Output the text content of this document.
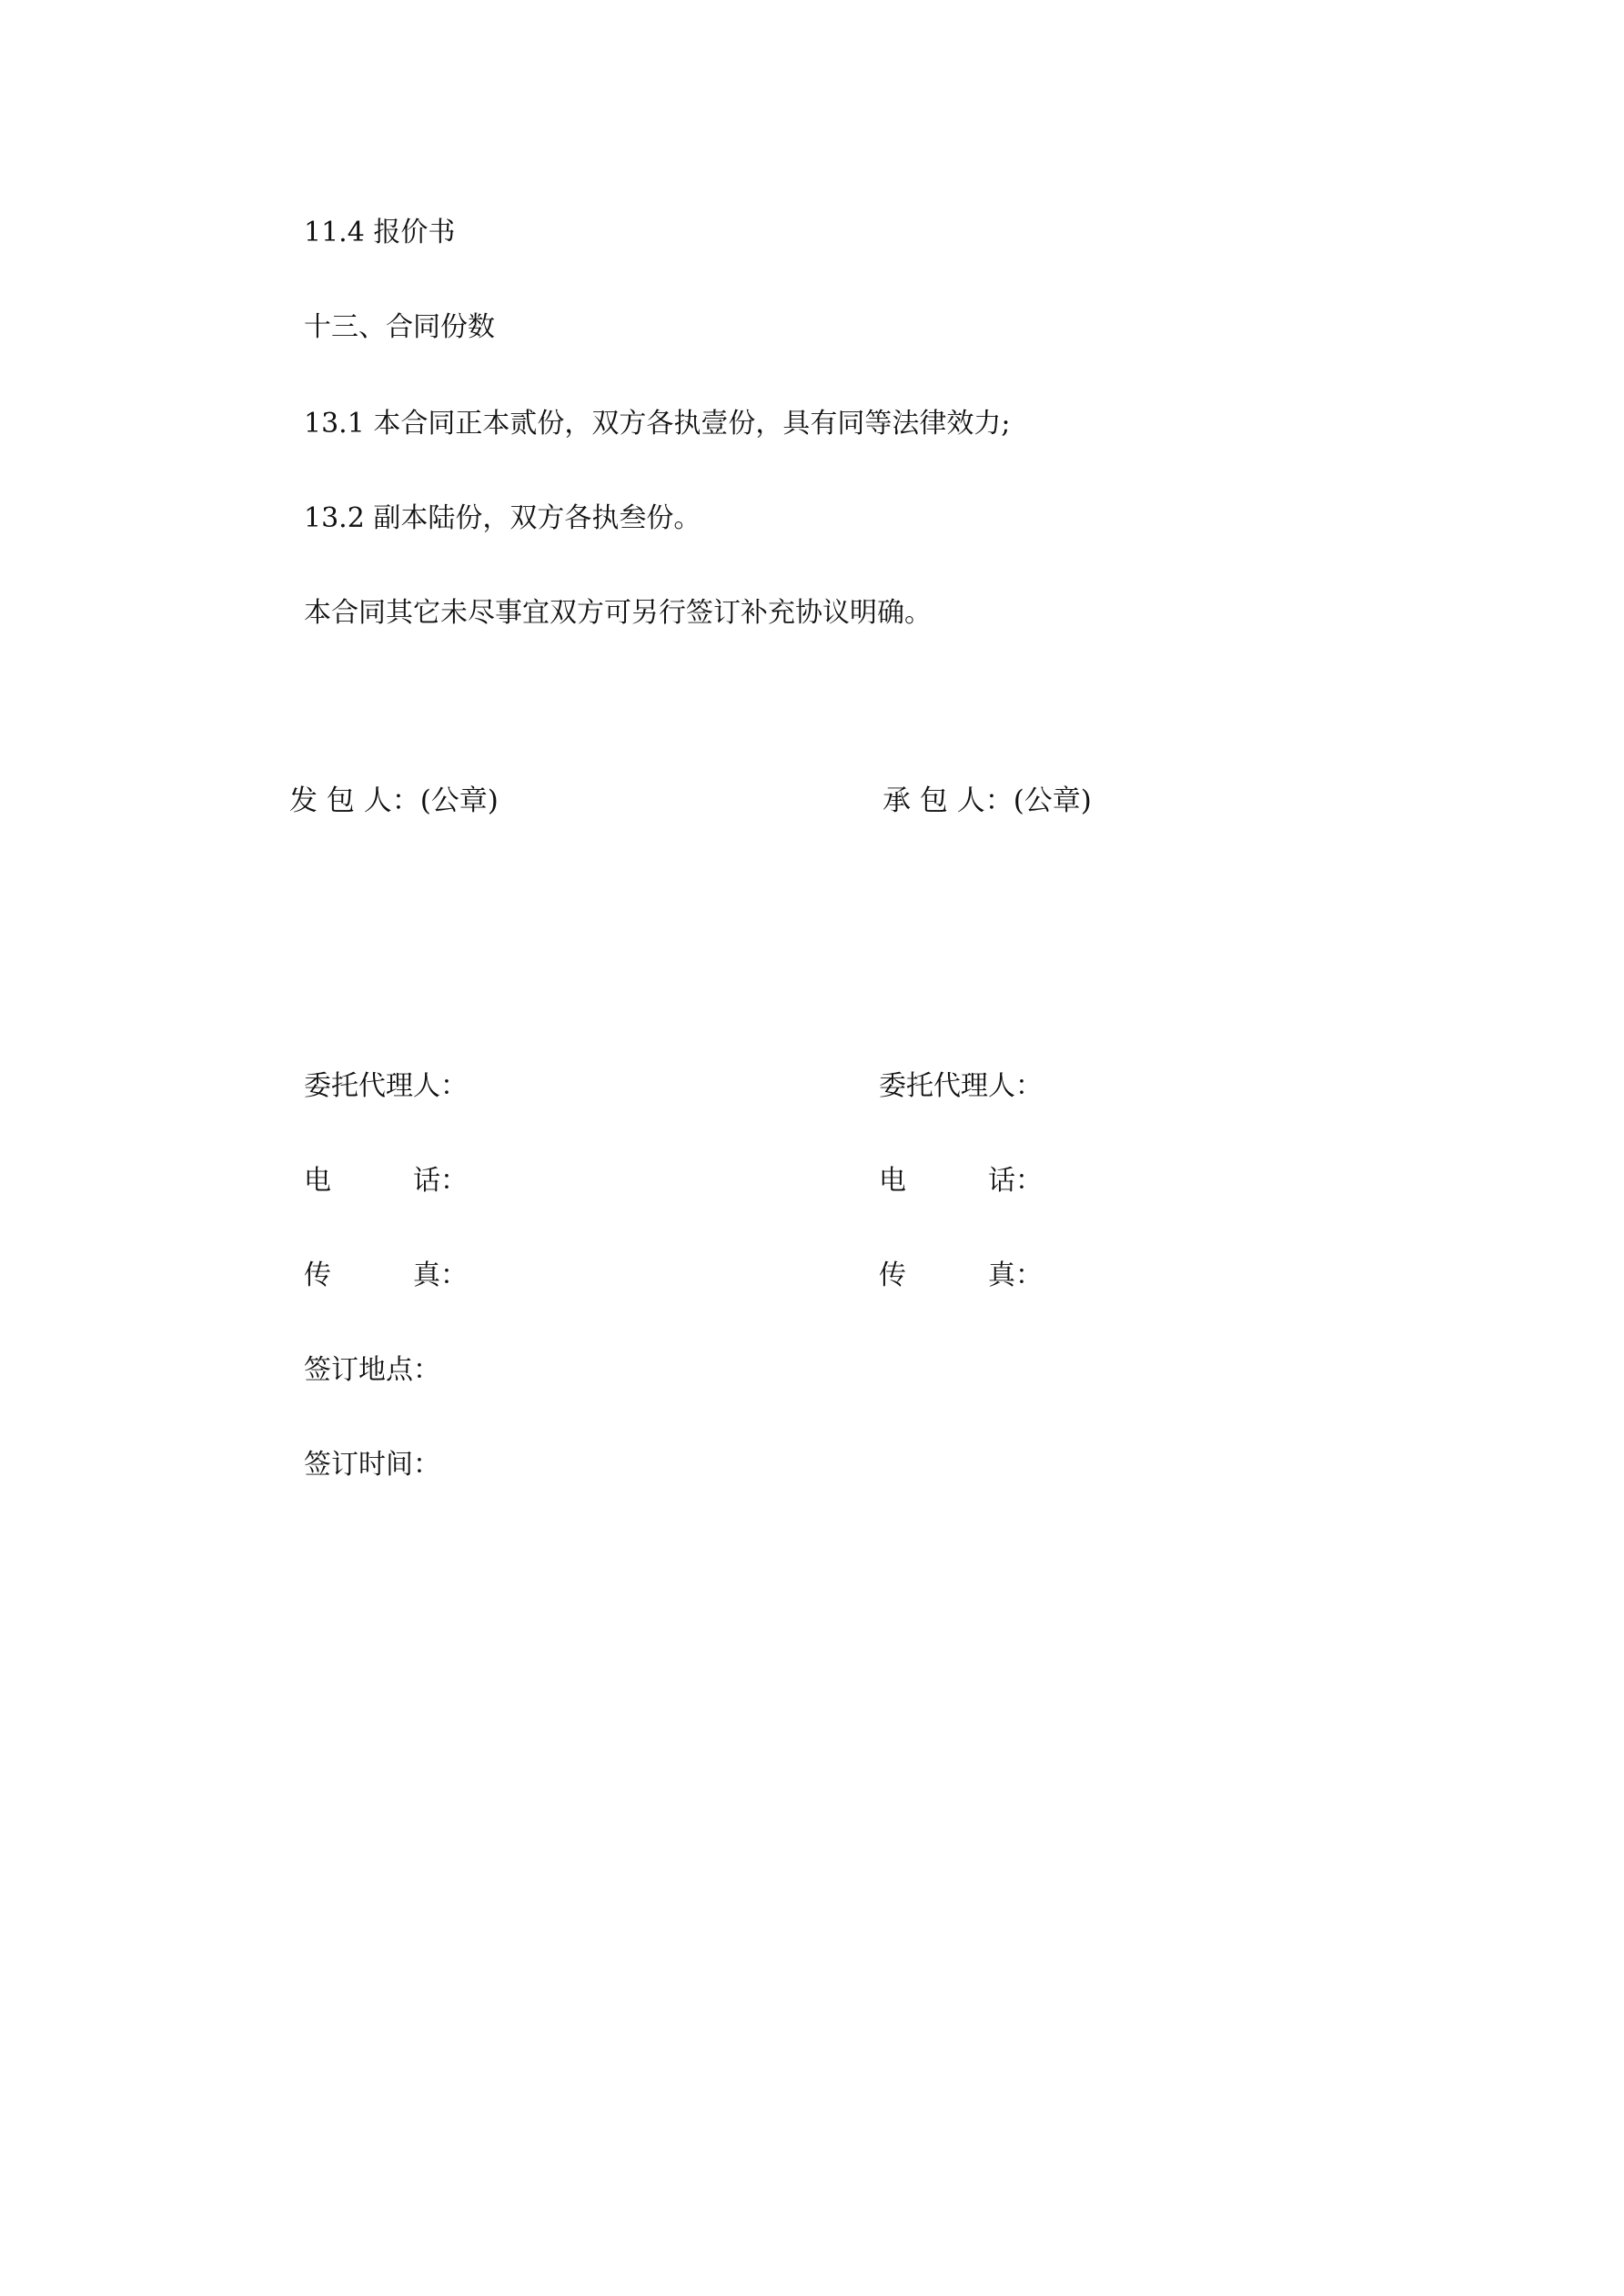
11.4 报价书
十三、合同份数
13.1 本合同正本贰份，双方各执壹份，具有同等法律效力;
13.2 副本陆份，双方各执叁份。
本合同其它未尽事宜双方可另行签订补充协议明确。
发 包 人：(公章)	承 包 人：(公章)
委托代理人：	委托代理人：
电　　　话：	电　　　话：
传　　　真：	传　　　真：
签订地点：
签订时间：
